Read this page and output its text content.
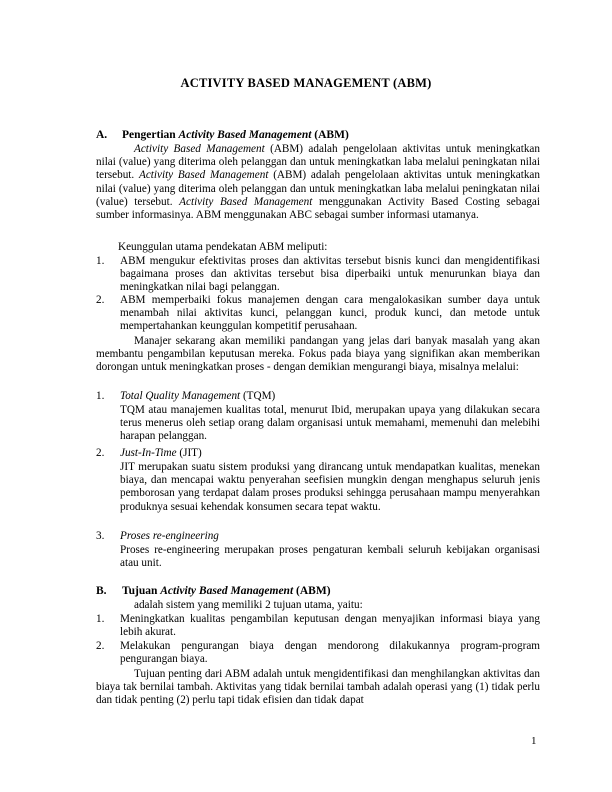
ACTIVITY BASED MANAGEMENT (ABM)
A. Pengertian Activity Based Management (ABM)

Activity Based Management (ABM) adalah pengelolaan aktivitas untuk meningkatkan nilai (value) yang diterima oleh pelanggan dan untuk meningkatkan laba melalui peningkatan nilai tersebut. Activity Based Management (ABM) adalah pengelolaan aktivitas untuk meningkatkan nilai (value) yang diterima oleh pelanggan dan untuk meningkatkan laba melalui peningkatan nilai (value) tersebut. Activity Based Management menggunakan Activity Based Costing sebagai sumber informasinya. ABM menggunakan ABC sebagai sumber informasi utamanya.

Keunggulan utama pendekatan ABM meliputi:
1. ABM mengukur efektivitas proses dan aktivitas tersebut bisnis kunci dan mengidentifikasi bagaimana proses dan aktivitas tersebut bisa diperbaiki untuk menurunkan biaya dan meningkatkan nilai bagi pelanggan.
2. ABM memperbaiki fokus manajemen dengan cara mengalokasikan sumber daya untuk menambah nilai aktivitas kunci, pelanggan kunci, produk kunci, dan metode untuk mempertahankan keunggulan kompetitif perusahaan.

Manajer sekarang akan memiliki pandangan yang jelas dari banyak masalah yang akan membantu pengambilan keputusan mereka. Fokus pada biaya yang signifikan akan memberikan dorongan untuk meningkatkan proses - dengan demikian mengurangi biaya, misalnya melalui:

1. Total Quality Management (TQM)
TQM atau manajemen kualitas total, menurut Ibid, merupakan upaya yang dilakukan secara terus menerus oleh setiap orang dalam organisasi untuk memahami, memenuhi dan melebihi harapan pelanggan.
2. Just-In-Time (JIT)
JIT merupakan suatu sistem produksi yang dirancang untuk mendapatkan kualitas, menekan biaya, dan mencapai waktu penyerahan seefisien mungkin dengan menghapus seluruh jenis pemborosan yang terdapat dalam proses produksi sehingga perusahaan mampu menyerahkan produknya sesuai kehendak konsumen secara tepat waktu.
3. Proses re-engineering
Proses re-engineering merupakan proses pengaturan kembali seluruh kebijakan organisasi atau unit.
B. Tujuan Activity Based Management (ABM)
adalah sistem yang memiliki 2 tujuan utama, yaitu:
1. Meningkatkan kualitas pengambilan keputusan dengan menyajikan informasi biaya yang lebih akurat.
2. Melakukan pengurangan biaya dengan mendorong dilakukannya program-program pengurangan biaya.

Tujuan penting dari ABM adalah untuk mengidentifikasi dan menghilangkan aktivitas dan biaya tak bernilai tambah. Aktivitas yang tidak bernilai tambah adalah operasi yang (1) tidak perlu dan tidak penting (2) perlu tapi tidak efisien dan tidak dapat

1
